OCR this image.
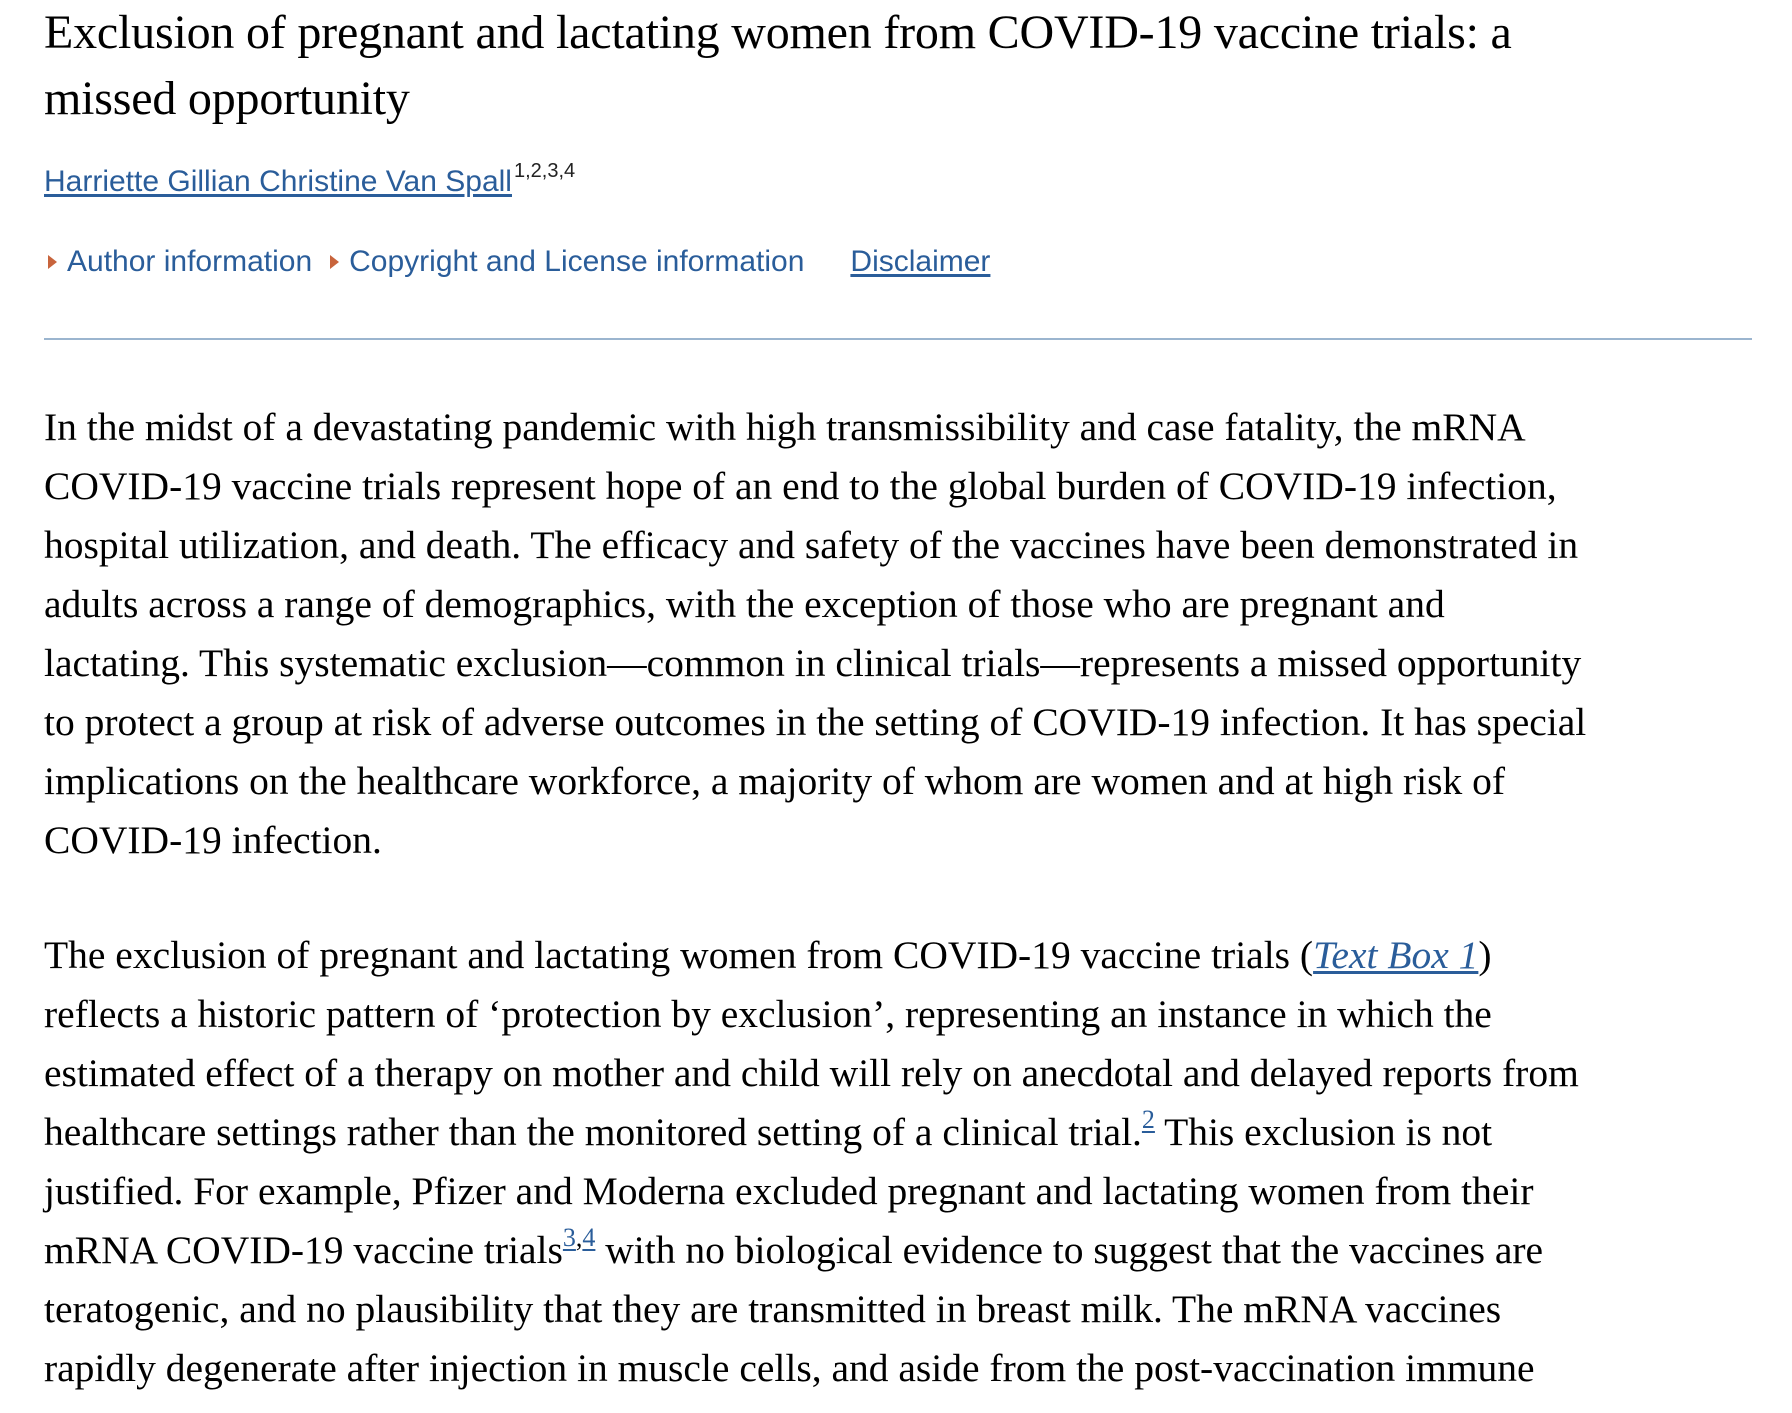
Exclusion of pregnant and lactating women from COVID-19 vaccine trials: a
missed opportunity
Harriette Gillian Christine Van Spall $^{1,2,3,4}$
Author information Copyright and License information Disclaimer

In the midst of a devastating pandemic with high transmissibility and case fatality, the mRNA
COVID-19 vaccine trials represent hope of an end to the global burden of COVID-19 infection,
hospital utilization, and death. The efficacy and safety of the vaccines have been demonstrated in
adults across a range of demographics, with the exception of those who are pregnant and
lactating. This systematic exclusion—common in clinical trials—represents a missed opportunity
to protect a group at risk of adverse outcomes in the setting of COVID-19 infection. It has special
implications on the healthcare workforce, a majority of whom are women and at high risk of
COVID-19 infection.

The exclusion of pregnant and lactating women from COVID-19 vaccine trials (Text Box 1)
reflects a historic pattern of ‘protection by exclusion’, representing an instance in which the
estimated effect of a therapy on mother and child will rely on anecdotal and delayed reports from
healthcare settings rather than the monitored setting of a clinical trial.$^2$ This exclusion is not
justified. For example, Pfizer and Moderna excluded pregnant and lactating women from their
mRNA COVID-19 vaccine trials$^{3,4}$ with no biological evidence to suggest that the vaccines are
teratogenic, and no plausibility that they are transmitted in breast milk. The mRNA vaccines
rapidly degenerate after injection in muscle cells, and aside from the post-vaccination immune
